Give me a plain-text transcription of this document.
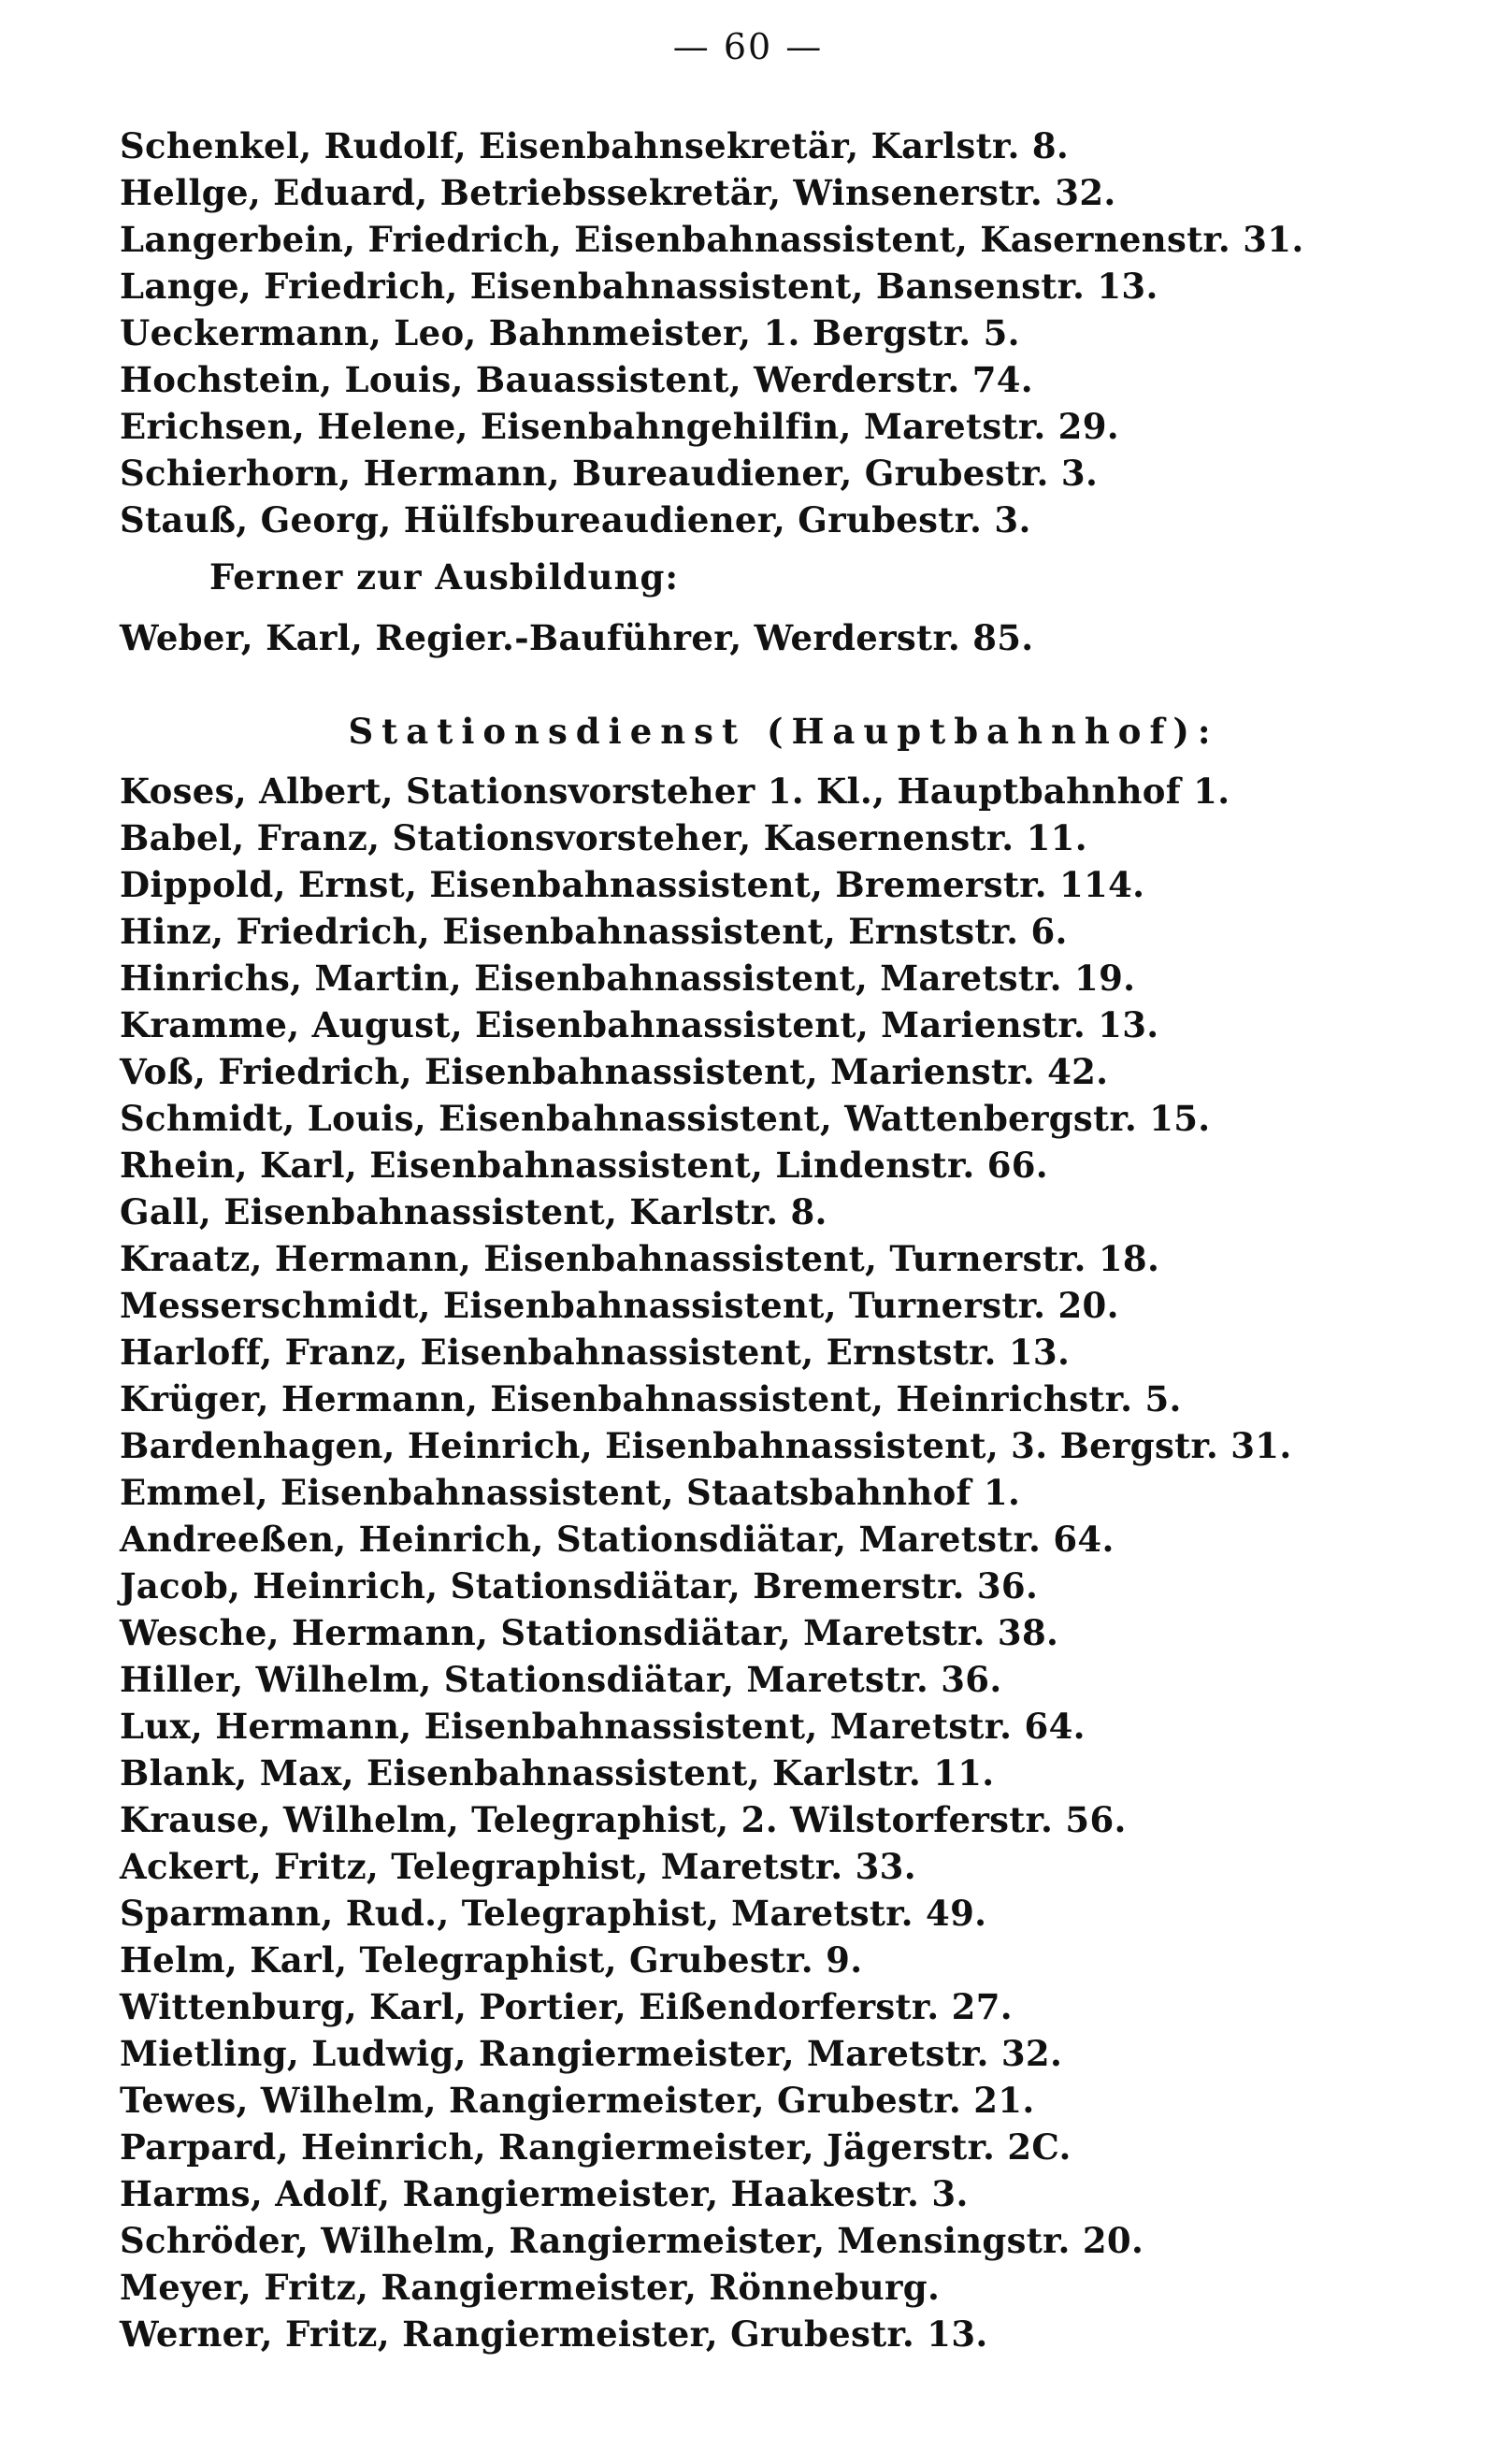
— 60 —
Schenkel, Rudolf, Eisenbahnsekretär, Karlstr. 8.
Hellge, Eduard, Betriebssekretär, Winsenerstr. 32.
Langerbein, Friedrich, Eisenbahnassistent, Kasernenstr. 31.
Lange, Friedrich, Eisenbahnassistent, Bansenstr. 13.
Ueckermann, Leo, Bahnmeister, 1. Bergstr. 5.
Hochstein, Louis, Bauassistent, Werderstr. 74.
Erichsen, Helene, Eisenbahngehilfin, Maretstr. 29.
Schierhorn, Hermann, Bureaudiener, Grubestr. 3.
Stauß, Georg, Hülfsbureaudiener, Grubestr. 3.
Ferner zur Ausbildung:
Weber, Karl, Regier.-Bauführer, Werderstr. 85.
Stationsdienst (Hauptbahnhof):
Koses, Albert, Stationsvorsteher 1. Kl., Hauptbahnhof 1.
Babel, Franz, Stationsvorsteher, Kasernenstr. 11.
Dippold, Ernst, Eisenbahnassistent, Bremerstr. 114.
Hinz, Friedrich, Eisenbahnassistent, Ernststr. 6.
Hinrichs, Martin, Eisenbahnassistent, Maretstr. 19.
Kramme, August, Eisenbahnassistent, Marienstr. 13.
Voß, Friedrich, Eisenbahnassistent, Marienstr. 42.
Schmidt, Louis, Eisenbahnassistent, Wattenbergstr. 15.
Rhein, Karl, Eisenbahnassistent, Lindenstr. 66.
Gall, Eisenbahnassistent, Karlstr. 8.
Kraatz, Hermann, Eisenbahnassistent, Turnerstr. 18.
Messerschmidt, Eisenbahnassistent, Turnerstr. 20.
Harloff, Franz, Eisenbahnassistent, Ernststr. 13.
Krüger, Hermann, Eisenbahnassistent, Heinrichstr. 5.
Bardenhagen, Heinrich, Eisenbahnassistent, 3. Bergstr. 31.
Emmel, Eisenbahnassistent, Staatsbahnhof 1.
Andreeßen, Heinrich, Stationsdiätar, Maretstr. 64.
Jacob, Heinrich, Stationsdiätar, Bremerstr. 36.
Wesche, Hermann, Stationsdiätar, Maretstr. 38.
Hiller, Wilhelm, Stationsdiätar, Maretstr. 36.
Lux, Hermann, Eisenbahnassistent, Maretstr. 64.
Blank, Max, Eisenbahnassistent, Karlstr. 11.
Krause, Wilhelm, Telegraphist, 2. Wilstorferstr. 56.
Ackert, Fritz, Telegraphist, Maretstr. 33.
Sparmann, Rud., Telegraphist, Maretstr. 49.
Helm, Karl, Telegraphist, Grubestr. 9.
Wittenburg, Karl, Portier, Eißendorferstr. 27.
Mietling, Ludwig, Rangiermeister, Maretstr. 32.
Tewes, Wilhelm, Rangiermeister, Grubestr. 21.
Parpard, Heinrich, Rangiermeister, Jägerstr. 2C.
Harms, Adolf, Rangiermeister, Haakestr. 3.
Schröder, Wilhelm, Rangiermeister, Mensingstr. 20.
Meyer, Fritz, Rangiermeister, Rönneburg.
Werner, Fritz, Rangiermeister, Grubestr. 13.
